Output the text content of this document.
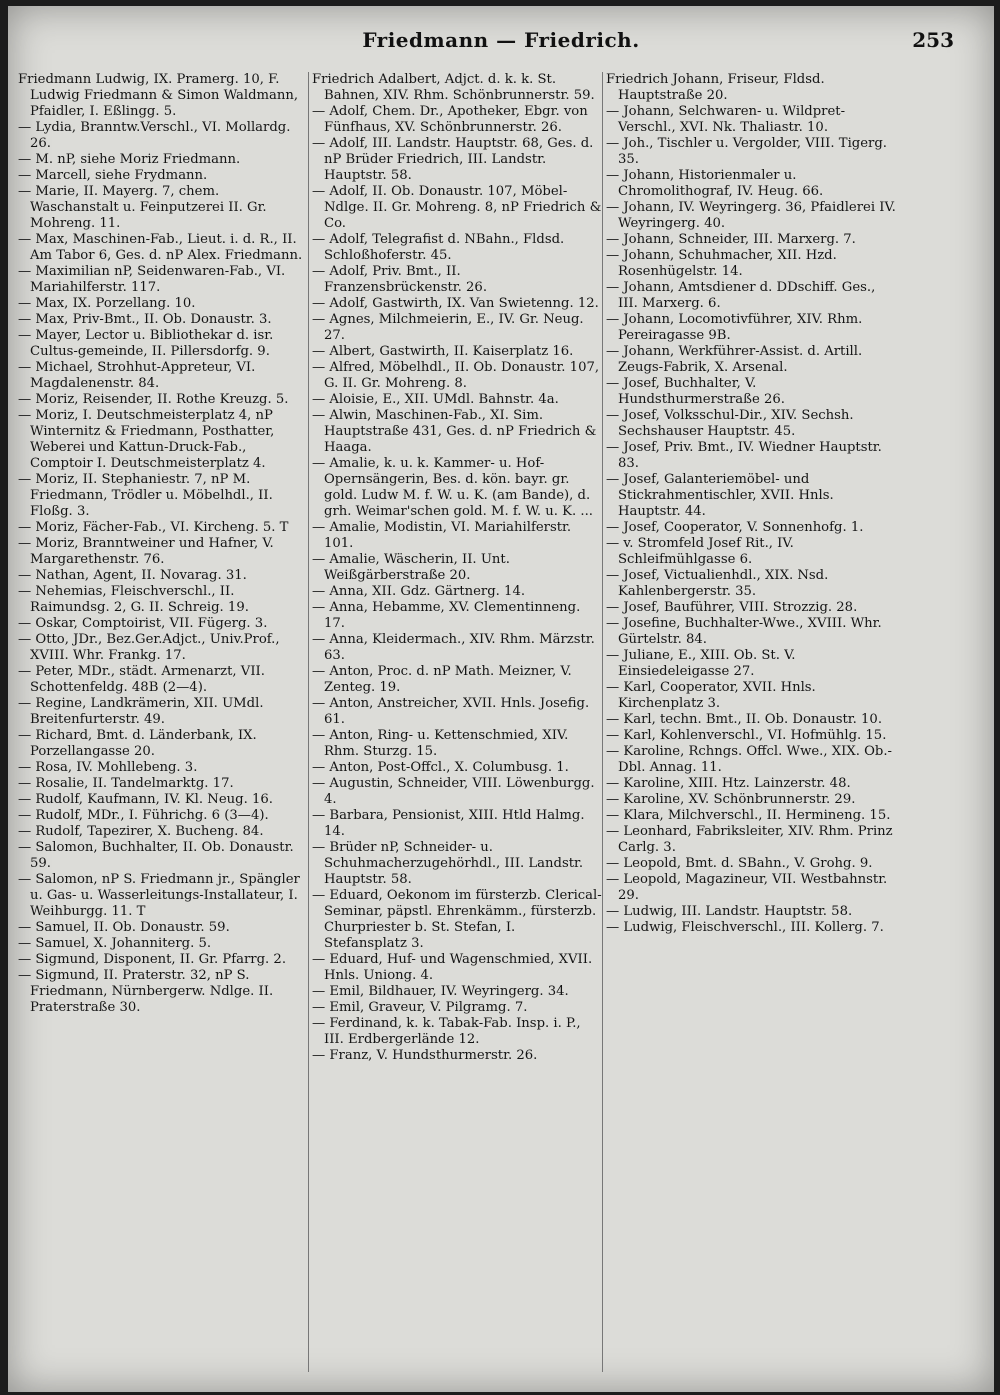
Friedmann — Friedrich.	253
Friedmann Ludwig, IX. Pramerg. 10, F. Ludwig Friedmann & Simon Waldmann, Pfaidler, I. Eßlingg. 5.
— Lydia, Branntw.Verschl., VI. Mollardg. 26.
— M. nP, siehe Moriz Friedmann.
— Marcell, siehe Frydmann.
— Marie, II. Mayerg. 7, chem. Waschanstalt u. Feinputzerei II. Gr. Mohreng. 11.
— Max, Maschinen-Fab., Lieut. i. d. R., II. Am Tabor 6, Ges. d. nP Alex. Friedmann.
— Maximilian nP, Seidenwaren-Fab., VI. Mariahilferstr. 117.
— Max, IX. Porzellang. 10.
— Max, Priv-Bmt., II. Ob. Donaustr. 3.
— Mayer, Lector u. Bibliothekar d. isr. Cultus-gemeinde, II. Pillersdorfg. 9.
— Michael, Strohhut-Appreteur, VI. Magdalenenstr. 84.
— Moriz, Reisender, II. Rothe Kreuzg. 5.
— Moriz, I. Deutschmeisterplatz 4, nP Winternitz & Friedmann, Posthatter, Weberei und Kattun-Druck-Fab., Comptoir I. Deutschmeisterplatz 4.
— Moriz, II. Stephaniestr. 7, nP M. Friedmann, Trödler u. Möbelhdl., II. Floßg. 3.
— Moriz, Fächer-Fab., VI. Kircheng. 5. T
— Moriz, Branntweiner und Hafner, V. Margarethenstr. 76.
— Nathan, Agent, II. Novarag. 31.
— Nehemias, Fleischverschl., II. Raimundsg. 2, G. II. Schreig. 19.
— Oskar, Comptoirist, VII. Fügerg. 3.
— Otto, JDr., Bez.Ger.Adjct., Univ.Prof., XVIII. Whr. Frankg. 17.
— Peter, MDr., städt. Armenarzt, VII. Schottenfeldg. 48B (2—4).
— Regine, Landkrämerin, XII. UMdl. Breitenfurterstr. 49.
— Richard, Bmt. d. Länderbank, IX. Porzellangasse 20.
— Rosa, IV. Mohllebeng. 3.
— Rosalie, II. Tandelmarktg. 17.
— Rudolf, Kaufmann, IV. Kl. Neug. 16.
— Rudolf, MDr., I. Führichg. 6 (3—4).
— Rudolf, Tapezirer, X. Bucheng. 84.
— Salomon, Buchhalter, II. Ob. Donaustr. 59.
— Salomon, nP S. Friedmann jr., Spängler u. Gas- u. Wasserleitungs-Installateur, I. Weihburgg. 11. T
— Samuel, II. Ob. Donaustr. 59.
— Samuel, X. Johanniterg. 5.
— Sigmund, Disponent, II. Gr. Pfarrg. 2.
— Sigmund, II. Praterstr. 32, nP S. Friedmann, Nürnbergerw. Ndlge. II. Praterstraße 30.
Friedrich Adalbert, Adjct. d. k. k. St. Bahnen, XIV. Rhm. Schönbrunnerstr. 59.
— Adolf, Chem. Dr., Apotheker, Ebgr. von Fünfhaus, XV. Schönbrunnerstr. 26.
— Adolf, III. Landstr. Hauptstr. 68, Ges. d. nP Brüder Friedrich, III. Landstr. Hauptstr. 58.
— Adolf, II. Ob. Donaustr. 107, Möbel-Ndlge. II. Gr. Mohreng. 8, nP Friedrich & Co.
— Adolf, Telegrafist d. NBahn., Fldsd. Schloßhoferstr. 45.
— Adolf, Priv. Bmt., II. Franzensbrückenstr. 26.
— Adolf, Gastwirth, IX. Van Swietenng. 12.
— Agnes, Milchmeierin, E., IV. Gr. Neug. 27.
— Albert, Gastwirth, II. Kaiserplatz 16.
— Alfred, Möbelhdl., II. Ob. Donaustr. 107, G. II. Gr. Mohreng. 8.
— Aloisie, E., XII. UMdl. Bahnstr. 4a.
— Alwin, Maschinen-Fab., XI. Sim. Hauptstraße 431, Ges. d. nP Friedrich & Haaga.
— Amalie, k. u. k. Kammer- u. Hof-Opernsängerin, Bes. d. kön. bayr. gr. gold. Ludw M. f. W. u. K. (am Bande), d. grh. Weimar'schen gold. M. f. W. u. K. ...
— Amalie, Modistin, VI. Mariahilferstr. 101.
— Amalie, Wäscherin, II. Unt. Weißgärberstraße 20.
— Anna, XII. Gdz. Gärtnerg. 14.
— Anna, Hebamme, XV. Clementinneng. 17.
— Anna, Kleidermach., XIV. Rhm. Märzstr. 63.
— Anton, Proc. d. nP Math. Meizner, V. Zenteg. 19.
— Anton, Anstreicher, XVII. Hnls. Josefig. 61.
— Anton, Ring- u. Kettenschmied, XIV. Rhm. Sturzg. 15.
— Anton, Post-Offcl., X. Columbusg. 1.
— Augustin, Schneider, VIII. Löwenburgg. 4.
— Barbara, Pensionist, XIII. Htld Halmg. 14.
— Brüder nP, Schneider- u. Schuhmacherzugehörhdl., III. Landstr. Hauptstr. 58.
— Eduard, Oekonom im fürsterzb. Clerical-Seminar, päpstl. Ehrenkämm., fürsterzb. Churpriester b. St. Stefan, I. Stefansplatz 3.
— Eduard, Huf- und Wagenschmied, XVII. Hnls. Uniong. 4.
— Emil, Bildhauer, IV. Weyringerg. 34.
— Emil, Graveur, V. Pilgramg. 7.
— Ferdinand, k. k. Tabak-Fab. Insp. i. P., III. Erdbergerlände 12.
— Franz, V. Hundsthurmerstr. 26.
Friedrich Johann, Friseur, Fldsd. Hauptstraße 20.
— Johann, Selchwaren- u. Wildpret-Verschl., XVI. Nk. Thaliastr. 10.
— Joh., Tischler u. Vergolder, VIII. Tigerg. 35.
— Johann, Historienmaler u. Chromolithograf, IV. Heug. 66.
— Johann, IV. Weyringerg. 36, Pfaidlerei IV. Weyringerg. 40.
— Johann, Schneider, III. Marxerg. 7.
— Johann, Schuhmacher, XII. Hzd. Rosenhügelstr. 14.
— Johann, Amtsdiener d. DDschiff. Ges., III. Marxerg. 6.
— Johann, Locomotivführer, XIV. Rhm. Pereiragasse 9B.
— Johann, Werkführer-Assist. d. Artill. Zeugs-Fabrik, X. Arsenal.
— Josef, Buchhalter, V. Hundsthurmerstraße 26.
— Josef, Volksschul-Dir., XIV. Sechsh. Sechshauser Hauptstr. 45.
— Josef, Priv. Bmt., IV. Wiedner Hauptstr. 83.
— Josef, Galanteriemöbel- und Stickrahmentischler, XVII. Hnls. Hauptstr. 44.
— Josef, Cooperator, V. Sonnenhofg. 1.
— v. Stromfeld Josef Rit., IV. Schleifmühlgasse 6.
— Josef, Victualienhdl., XIX. Nsd. Kahlenbergerstr. 35.
— Josef, Bauführer, VIII. Strozzig. 28.
— Josefine, Buchhalter-Wwe., XVIII. Whr. Gürtelstr. 84.
— Juliane, E., XIII. Ob. St. V. Einsiedeleigasse 27.
— Karl, Cooperator, XVII. Hnls. Kirchenplatz 3.
— Karl, techn. Bmt., II. Ob. Donaustr. 10.
— Karl, Kohlenverschl., VI. Hofmühlg. 15.
— Karoline, Rchngs. Offcl. Wwe., XIX. Ob.-Dbl. Annag. 11.
— Karoline, XIII. Htz. Lainzerstr. 48.
— Karoline, XV. Schönbrunnerstr. 29.
— Klara, Milchverschl., II. Hermineng. 15.
— Leonhard, Fabriksleiter, XIV. Rhm. Prinz Carlg. 3.
— Leopold, Bmt. d. SBahn., V. Grohg. 9.
— Leopold, Magazineur, VII. Westbahnstr. 29.
— Ludwig, III. Landstr. Hauptstr. 58.
— Ludwig, Fleischverschl., III. Kollerg. 7.
